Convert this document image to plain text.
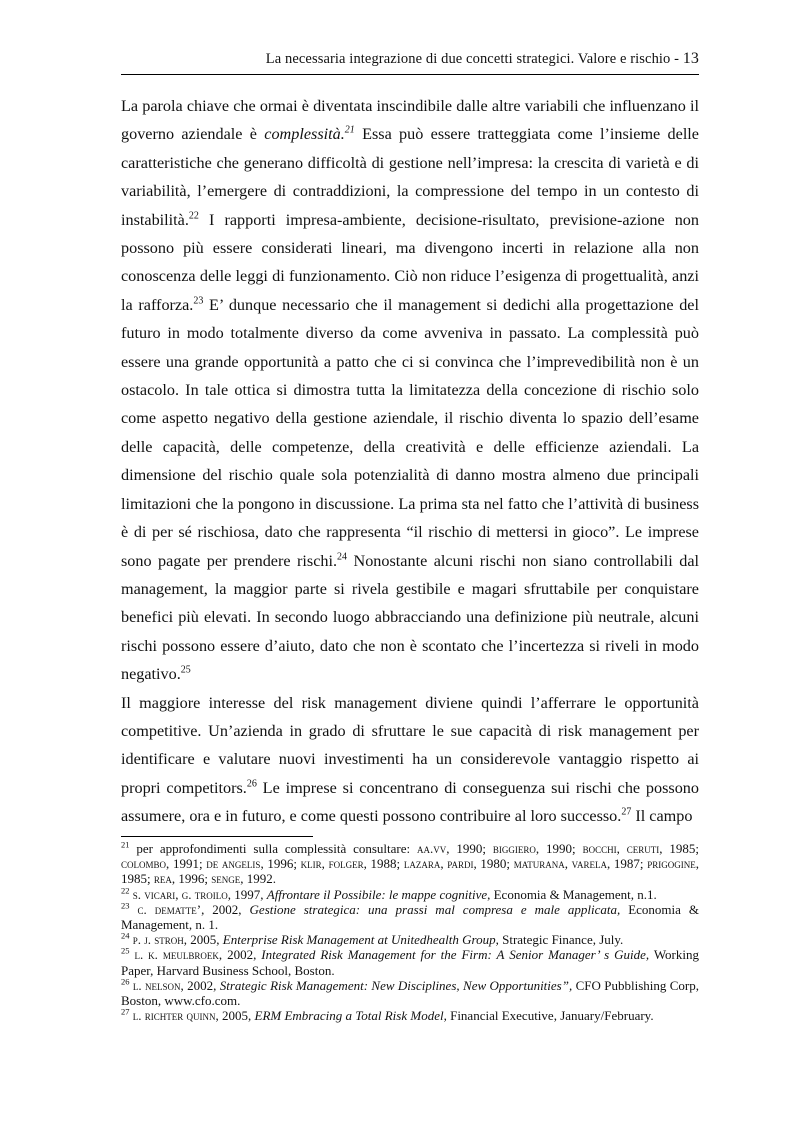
La necessaria integrazione di due concetti strategici. Valore e rischio - 13

La parola chiave che ormai è diventata inscindibile dalle altre variabili che influenzano il governo aziendale è complessità.$^{21}$ Essa può essere tratteggiata come l’insieme delle caratteristiche che generano difficoltà di gestione nell’impresa: la crescita di varietà e di variabilità, l’emergere di contraddizioni, la compressione del tempo in un contesto di instabilità.$^{22}$ I rapporti impresa-ambiente, decisione-risultato, previsione-azione non possono più essere considerati lineari, ma divengono incerti in relazione alla non conoscenza delle leggi di funzionamento. Ciò non riduce l’esigenza di progettualità, anzi la rafforza.$^{23}$ E’ dunque necessario che il management si dedichi alla progettazione del futuro in modo totalmente diverso da come avveniva in passato. La complessità può essere una grande opportunità a patto che ci si convinca che l’imprevedibilità non è un ostacolo. In tale ottica si dimostra tutta la limitatezza della concezione di rischio solo come aspetto negativo della gestione aziendale, il rischio diventa lo spazio dell’esame delle capacità, delle competenze, della creatività e delle efficienze aziendali. La dimensione del rischio quale sola potenzialità di danno mostra almeno due principali limitazioni che la pongono in discussione. La prima sta nel fatto che l’attività di business è di per sé rischiosa, dato che rappresenta “il rischio di mettersi in gioco”. Le imprese sono pagate per prendere rischi.$^{24}$ Nonostante alcuni rischi non siano controllabili dal management, la maggior parte si rivela gestibile e magari sfruttabile per conquistare benefici più elevati. In secondo luogo abbracciando una definizione più neutrale, alcuni rischi possono essere d’aiuto, dato che non è scontato che l’incertezza si riveli in modo negativo.$^{25}$

Il maggiore interesse del risk management diviene quindi l’afferrare le opportunità competitive. Un’azienda in grado di sfruttare le sue capacità di risk management per identificare e valutare nuovi investimenti ha un considerevole vantaggio rispetto ai propri competitors.$^{26}$ Le imprese si concentrano di conseguenza sui rischi che possono assumere, ora e in futuro, e come questi possono contribuire al loro successo.$^{27}$ Il campo

$^{21}$ per approfondimenti sulla complessità consultare: aa.vv, 1990; biggiero, 1990; bocchi, ceruti, 1985; colombo, 1991; de angelis, 1996; klir, folger, 1988; lazara, pardi, 1980; maturana, varela, 1987; prigogine, 1985; rea, 1996; senge, 1992.

$^{22}$ s. vicari, g. troilo, 1997, Affrontare il Possibile: le mappe cognitive, Economia & Management, n.1.

$^{23}$ c. dematte’, 2002, Gestione strategica: una prassi mal compresa e male applicata, Economia & Management, n. 1.

$^{24}$ p. j. stroh, 2005, Enterprise Risk Management at Unitedhealth Group, Strategic Finance, July.

$^{25}$ l. k. meulbroek, 2002, Integrated Risk Management for the Firm: A Senior Manager’ s Guide, Working Paper, Harvard Business School, Boston.

$^{26}$ l. nelson, 2002, Strategic Risk Management: New Disciplines, New Opportunities”, CFO Pubblishing Corp, Boston, www.cfo.com.

$^{27}$ l. richter quinn, 2005, ERM Embracing a Total Risk Model, Financial Executive, January/February.
